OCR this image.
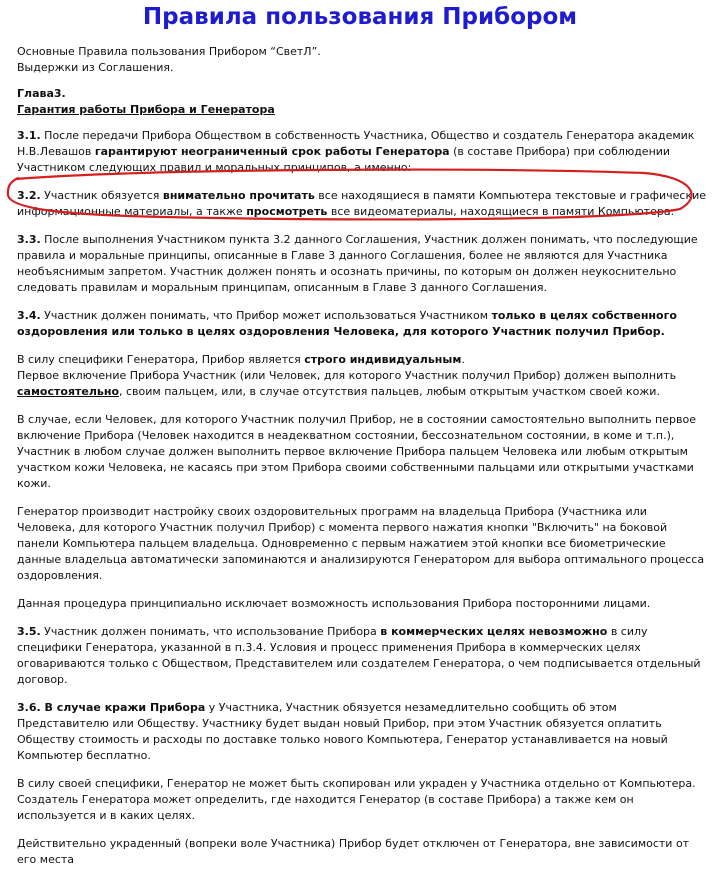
Правила пользования Прибором

Основные Правила пользования Прибором “СветЛ”.
Выдержки из Соглашения.

Глава3.
Гарантия работы Прибора и Генератора

3.1. После передачи Прибора Обществом в собственность Участника, Общество и создатель Генератора академик Н.В.Левашов гарантируют неограниченный срок работы Генератора (в составе Прибора) при соблюдении Участником следующих правил и моральных принципов, а именно:

3.2. Участник обязуется внимательно прочитать все находящиеся в памяти Компьютера текстовые и графические информационные материалы, а также просмотреть все видеоматериалы, находящиеся в памяти Компьютера.

3.3. После выполнения Участником пункта 3.2 данного Соглашения, Участник должен понимать, что последующие правила и моральные принципы, описанные в Главе 3 данного Соглашения, более не являются для Участника необъяснимым запретом. Участник должен понять и осознать причины, по которым он должен неукоснительно следовать правилам и моральным принципам, описанным в Главе 3 данного Соглашения.

3.4. Участник должен понимать, что Прибор может использоваться Участником только в целях собственного оздоровления или только в целях оздоровления Человека, для которого Участник получил Прибор.

В силу специфики Генератора, Прибор является строго индивидуальным.
Первое включение Прибора Участник (или Человек, для которого Участник получил Прибор) должен выполнить самостоятельно, своим пальцем, или, в случае отсутствия пальцев, любым открытым участком своей кожи.

В случае, если Человек, для которого Участник получил Прибор, не в состоянии самостоятельно выполнить первое включение Прибора (Человек находится в неадекватном состоянии, бессознательном состоянии, в коме и т.п.), Участник в любом случае должен выполнить первое включение Прибора пальцем Человека или любым открытым участком кожи Человека, не касаясь при этом Прибора своими собственными пальцами или открытыми участками кожи.

Генератор производит настройку своих оздоровительных программ на владельца Прибора (Участника или Человека, для которого Участник получил Прибор) с момента первого нажатия кнопки "Включить" на боковой панели Компьютера пальцем владельца. Одновременно с первым нажатием этой кнопки все биометрические данные владельца автоматически запоминаются и анализируются Генератором для выбора оптимального процесса оздоровления.

Данная процедура принципиально исключает возможность использования Прибора посторонними лицами.

3.5. Участник должен понимать, что использование Прибора в коммерческих целях невозможно в силу специфики Генератора, указанной в п.3.4. Условия и процесс применения Прибора в коммерческих целях оговариваются только с Обществом, Представителем или создателем Генератора, о чем подписывается отдельный договор.

3.6. В случае кражи Прибора у Участника, Участник обязуется незамедлительно сообщить об этом Представителю или Обществу. Участнику будет выдан новый Прибор, при этом Участник обязуется оплатить Обществу стоимость и расходы по доставке только нового Компьютера, Генератор устанавливается на новый Компьютер бесплатно.

В силу своей специфики, Генератор не может быть скопирован или украден у Участника отдельно от Компьютера. Создатель Генератора может определить, где находится Генератор (в составе Прибора) а также кем он используется и в каких целях.

Действительно украденный (вопреки воле Участника) Прибор будет отключен от Генератора, вне зависимости от его места
